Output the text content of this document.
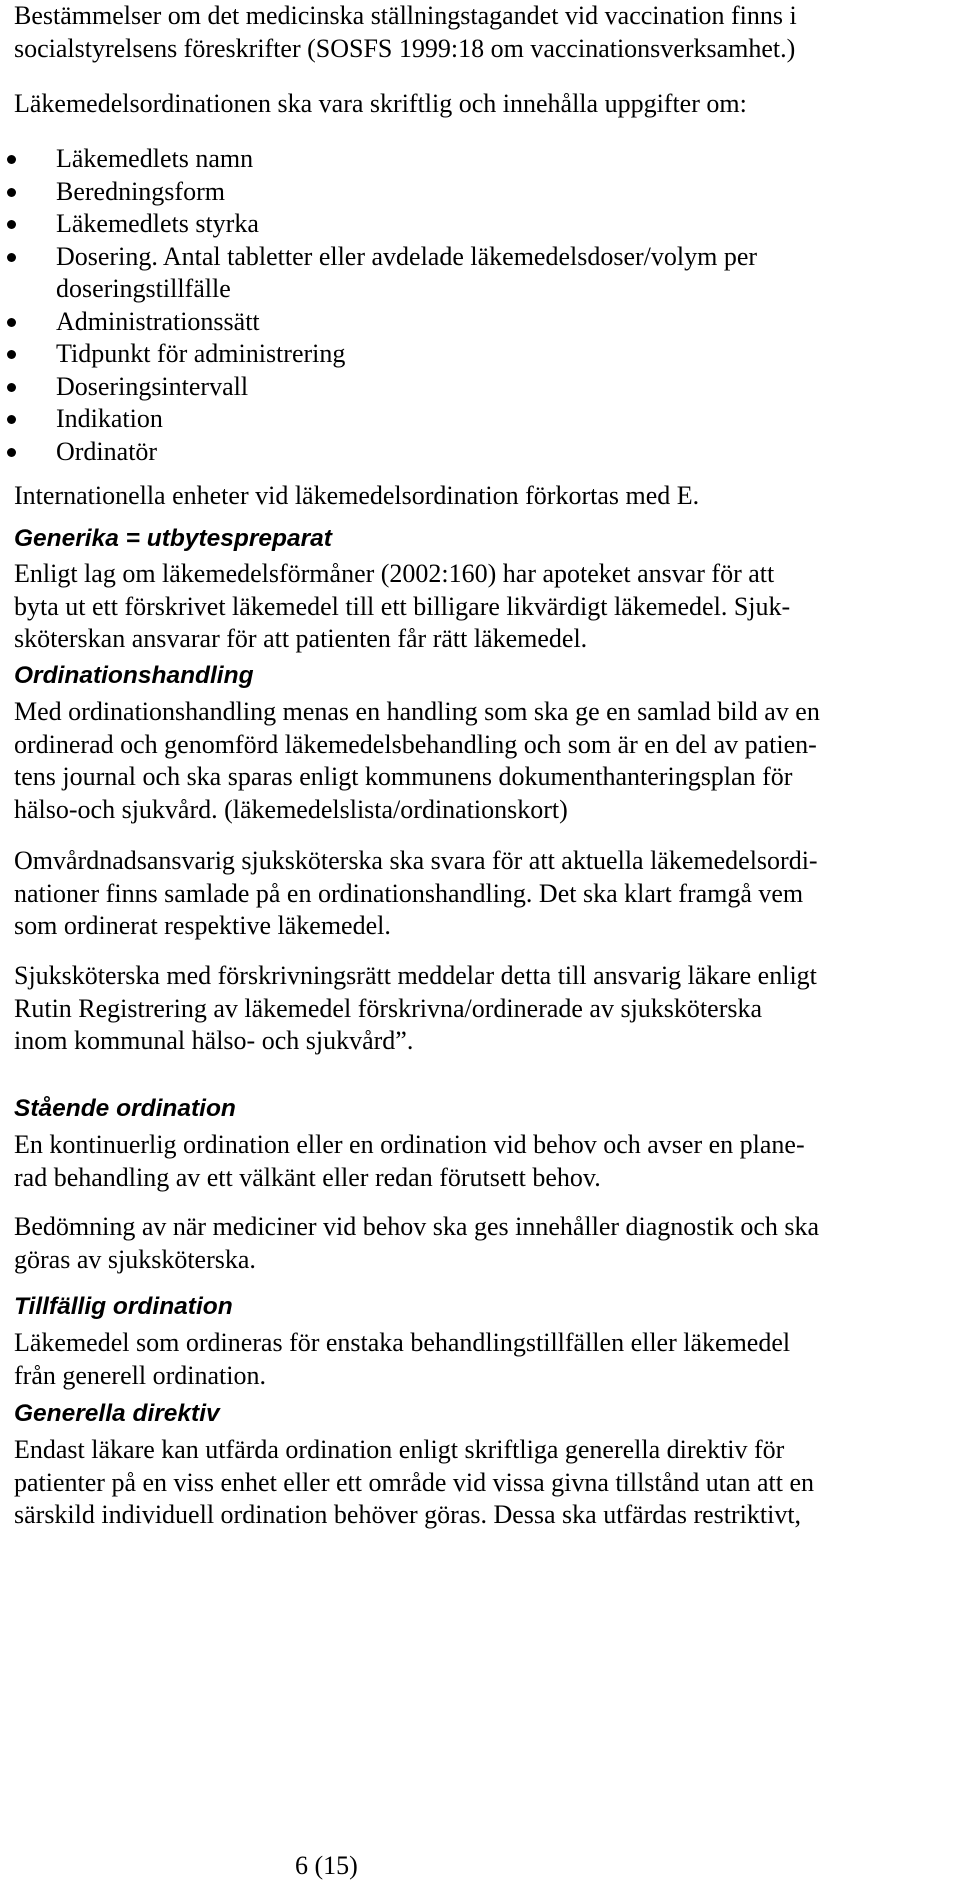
Bestämmelser om det medicinska ställningstagandet vid vaccination finns i
socialstyrelsens föreskrifter (SOSFS 1999:18 om vaccinationsverksamhet.)
Läkemedelsordinationen ska vara skriftlig och innehålla uppgifter om:
Läkemedlets namn
Beredningsform
Läkemedlets styrka
Dosering. Antal tabletter eller avdelade läkemedelsdoser/volym per
doseringstillfälle
Administrationssätt
Tidpunkt för administrering
Doseringsintervall
Indikation
Ordinatör
Internationella enheter vid läkemedelsordination förkortas med E.
Generika = utbytespreparat
Enligt lag om läkemedelsförmåner (2002:160) har apoteket ansvar för att
byta ut ett förskrivet läkemedel till ett billigare likvärdigt läkemedel. Sjuk-
sköterskan ansvarar för att patienten får rätt läkemedel.
Ordinationshandling
Med ordinationshandling menas en handling som ska ge en samlad bild av en
ordinerad och genomförd läkemedelsbehandling och som är en del av patien-
tens journal och ska sparas enligt kommunens dokumenthanteringsplan för
hälso-och sjukvård. (läkemedelslista/ordinationskort)
Omvårdnadsansvarig sjuksköterska ska svara för att aktuella läkemedelsordi-
nationer finns samlade på en ordinationshandling. Det ska klart framgå vem
som ordinerat respektive läkemedel.
Sjuksköterska med förskrivningsrätt meddelar detta till ansvarig läkare enligt
Rutin Registrering av läkemedel förskrivna/ordinerade av sjuksköterska
inom kommunal hälso- och sjukvård”.
Stående ordination
En kontinuerlig ordination eller en ordination vid behov och avser en plane-
rad behandling av ett välkänt eller redan förutsett behov.
Bedömning av när mediciner vid behov ska ges innehåller diagnostik och ska
göras av sjuksköterska.
Tillfällig ordination
Läkemedel som ordineras för enstaka behandlingstillfällen eller läkemedel
från generell ordination.
Generella direktiv
Endast läkare kan utfärda ordination enligt skriftliga generella direktiv för
patienter på en viss enhet eller ett område vid vissa givna tillstånd utan att en
särskild individuell ordination behöver göras. Dessa ska utfärdas restriktivt,
6 (15)
